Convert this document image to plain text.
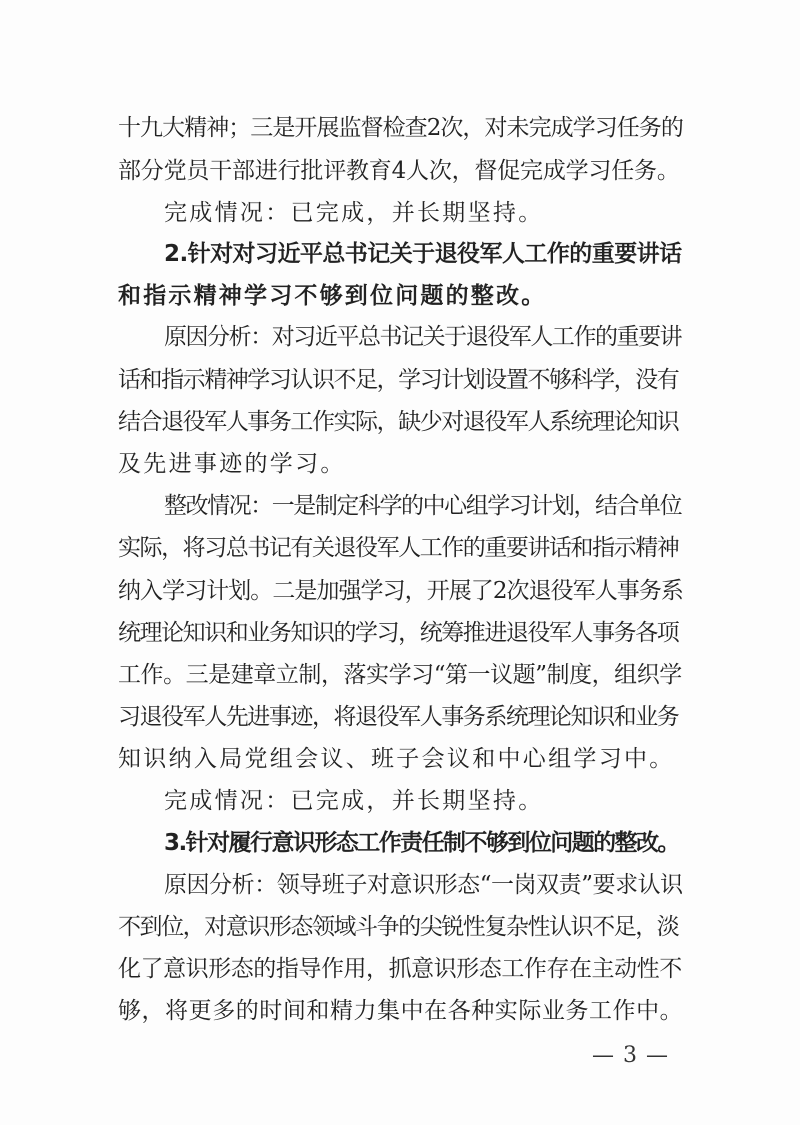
十九大精神；三是开展监督检查2次，对未完成学习任务的
部分党员干部进行批评教育4人次，督促完成学习任务。
完成情况：已完成，并长期坚持。
2.针对对习近平总书记关于退役军人工作的重要讲话
和指示精神学习不够到位问题的整改。
原因分析：对习近平总书记关于退役军人工作的重要讲
话和指示精神学习认识不足，学习计划设置不够科学，没有
结合退役军人事务工作实际，缺少对退役军人系统理论知识
及先进事迹的学习。
整改情况：一是制定科学的中心组学习计划，结合单位
实际，将习总书记有关退役军人工作的重要讲话和指示精神
纳入学习计划。二是加强学习，开展了2次退役军人事务系
统理论知识和业务知识的学习，统筹推进退役军人事务各项
工作。三是建章立制，落实学习“第一议题”制度，组织学
习退役军人先进事迹，将退役军人事务系统理论知识和业务
知识纳入局党组会议、班子会议和中心组学习中。
完成情况：已完成，并长期坚持。
3.针对履行意识形态工作责任制不够到位问题的整改。
原因分析：领导班子对意识形态“一岗双责”要求认识
不到位，对意识形态领域斗争的尖锐性复杂性认识不足，淡
化了意识形态的指导作用，抓意识形态工作存在主动性不
够，将更多的时间和精力集中在各种实际业务工作中。
— 3 —
